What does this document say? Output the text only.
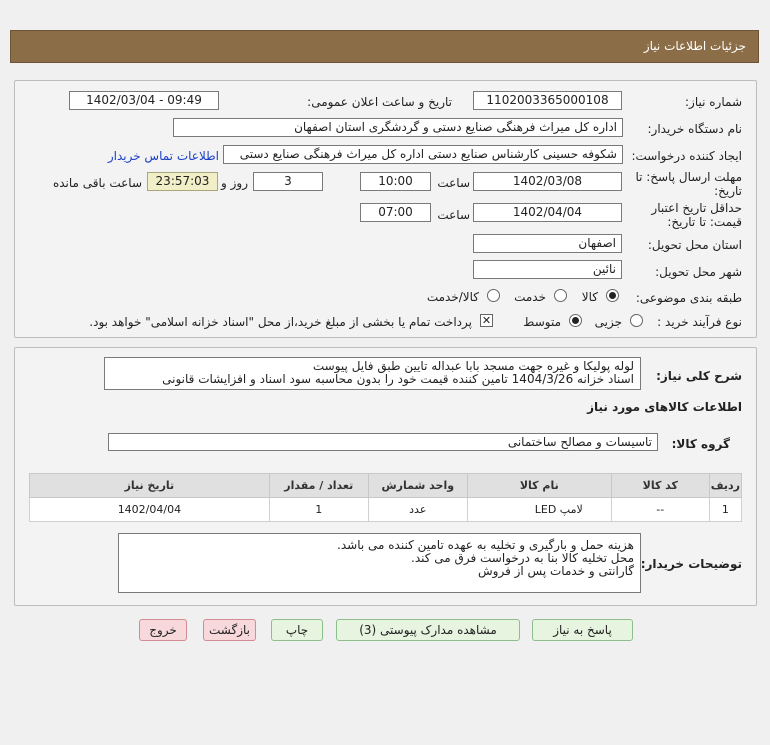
جزئیات اطلاعات نیاز
شماره نیاز:
1102003365000108
تاریخ و ساعت اعلان عمومی:
1402/03/04 - 09:49
نام دستگاه خریدار:
اداره کل میراث فرهنگی صنایع دستی و گردشگری استان اصفهان
ایجاد کننده درخواست:
شکوفه حسینی کارشناس صنایع دستی اداره کل میراث فرهنگی صنایع دستی
اطلاعات تماس خریدار
مهلت ارسال پاسخ: تا
تاریخ:
1402/03/08
ساعت
10:00
3
روز و
23:57:03
ساعت باقی مانده
حداقل تاریخ اعتبار
قیمت: تا تاریخ:
1402/04/04
ساعت
07:00
استان محل تحویل:
اصفهان
شهر محل تحویل:
نائین
طبقه بندی موضوعی:
کالا
خدمت
کالا/خدمت
نوع فرآیند خرید :
جزیی
متوسط
✕
پرداخت تمام یا بخشی از مبلغ خرید،از محل "اسناد خزانه اسلامی" خواهد بود.
شرح کلی نیاز:
لوله پولیکا و غیره جهت مسجد بابا عبداله تایین طبق فایل پیوست
اسناد خزانه 1404/3/26 تامین کننده قیمت خود را بدون محاسبه سود اسناد و افزایشات قانونی
اطلاعات کالاهای مورد نیاز
گروه کالا:
تاسیسات و مصالح ساختمانی
ردیف	کد کالا	نام کالا	واحد شمارش	تعداد / مقدار	تاریخ نیاز
1	--	لامپ LED	عدد	1	1402/04/04
توضیحات خریدار:
هزینه حمل و بارگیری و تخلیه به عهده تامین کننده می باشد.
محل تخلیه کالا بنا به درخواست فرق می کند.
گارانتی و خدمات پس از فروش
پاسخ به نیاز
مشاهده مدارک پیوستی (3)
چاپ
بازگشت
خروج
